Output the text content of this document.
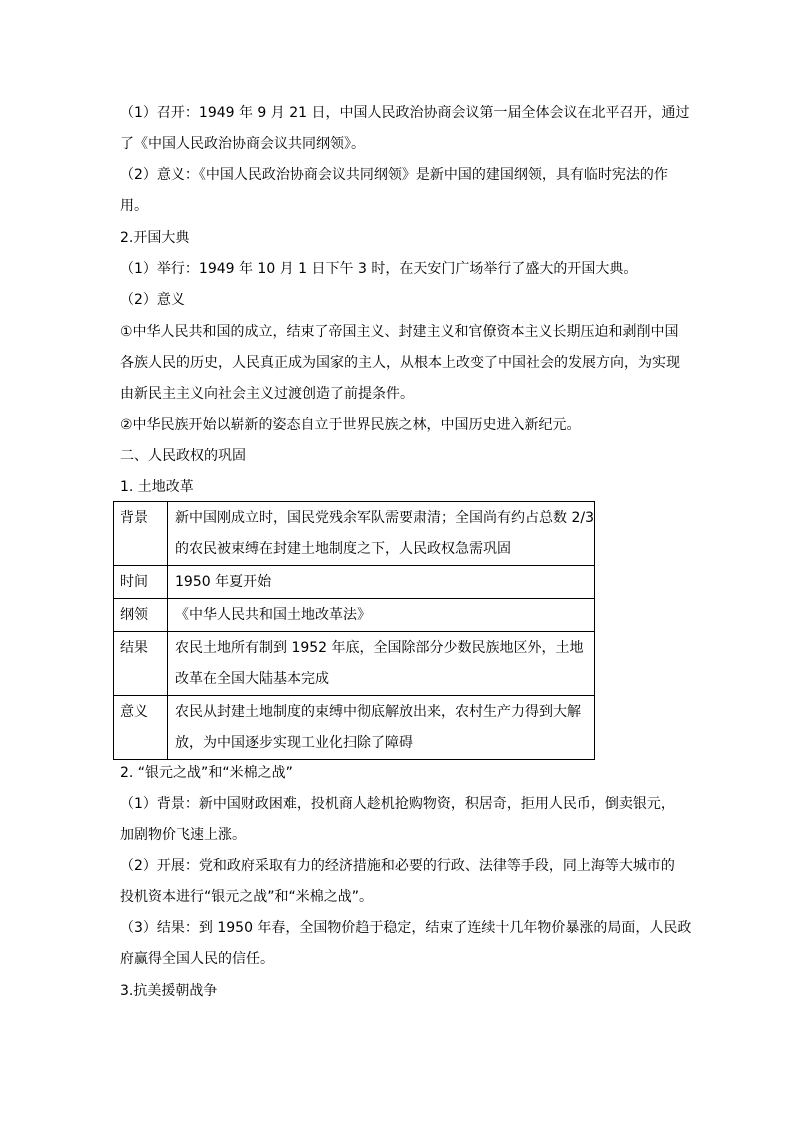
（1）召开：1949 年 9 月 21 日，中国人民政治协商会议第一届全体会议在北平召开，通过
了《中国人民政治协商会议共同纲领》。
（2）意义：《中国人民政治协商会议共同纲领》是新中国的建国纲领，具有临时宪法的作
用。
2.开国大典
（1）举行：1949 年 10 月 1 日下午 3 时，在天安门广场举行了盛大的开国大典。
（2）意义
①中华人民共和国的成立，结束了帝国主义、封建主义和官僚资本主义长期压迫和剥削中国
各族人民的历史，人民真正成为国家的主人，从根本上改变了中国社会的发展方向，为实现
由新民主主义向社会主义过渡创造了前提条件。
②中华民族开始以崭新的姿态自立于世界民族之林，中国历史进入新纪元。
二、人民政权的巩固
1. 土地改革
背景	新中国刚成立时，国民党残余军队需要肃清；全国尚有约占总数 2/3
的农民被束缚在封建土地制度之下，人民政权急需巩固

时间	1950 年夏开始

纲领	《中华人民共和国土地改革法》

结果	农民土地所有制到 1952 年底，全国除部分少数民族地区外，土地
改革在全国大陆基本完成

意义	农民从封建土地制度的束缚中彻底解放出来，农村生产力得到大解
放，为中国逐步实现工业化扫除了障碍
2. “银元之战”和“米棉之战”
（1）背景：新中国财政困难，投机商人趁机抢购物资，积居奇，拒用人民币，倒卖银元，
加剧物价飞速上涨。
（2）开展：党和政府采取有力的经济措施和必要的行政、法律等手段，同上海等大城市的
投机资本进行“银元之战”和“米棉之战”。
（3）结果：到 1950 年春，全国物价趋于稳定，结束了连续十几年物价暴涨的局面，人民政
府赢得全国人民的信任。
3.抗美援朝战争
